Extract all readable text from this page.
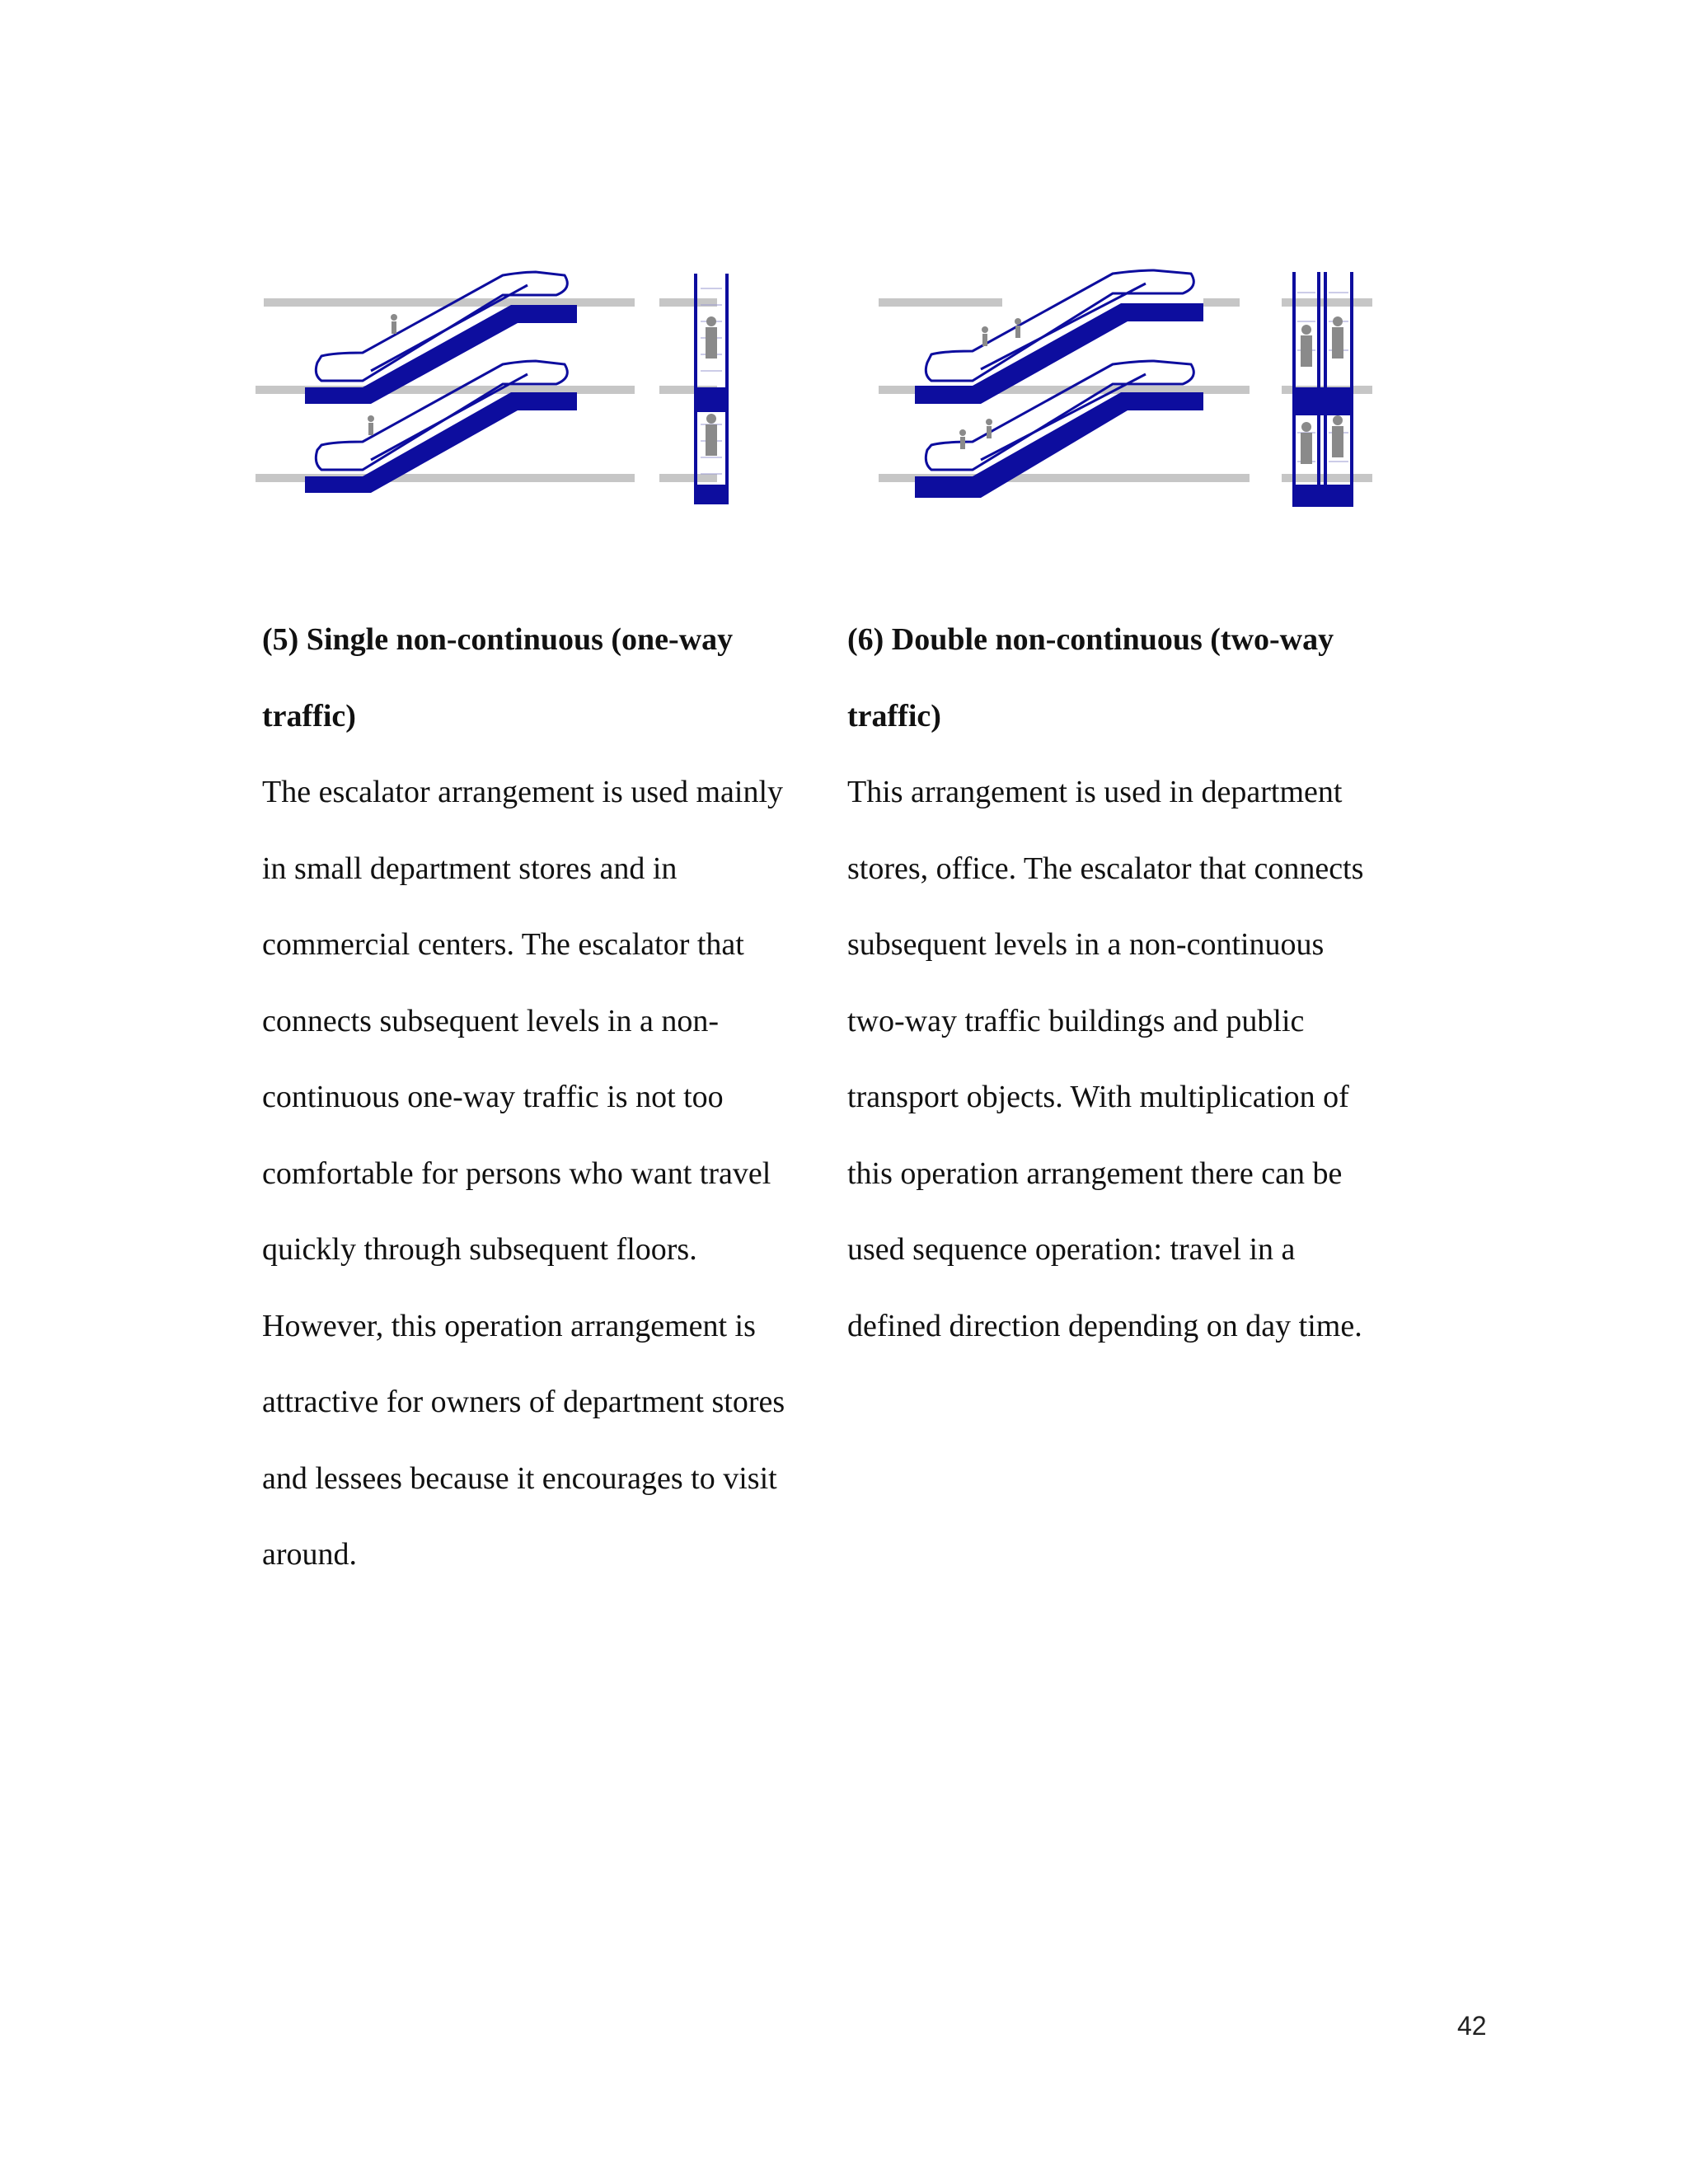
(5) Single non-continuous (one-way
traffic)
The escalator arrangement is used mainly
in small department stores and in
commercial centers. The escalator that
connects subsequent levels in a non-
continuous one-way traffic is not too
comfortable for persons who want travel
quickly through subsequent floors.
However, this operation arrangement is
attractive for owners of department stores
and lessees because it encourages to visit
around.
(6) Double non-continuous (two-way
traffic)
This arrangement is used in department
stores, office. The escalator that connects
subsequent levels in a non-continuous
two-way traffic buildings and public
transport objects. With multiplication of
this operation arrangement there can be
used sequence operation: travel in a
defined direction depending on day time.
42
